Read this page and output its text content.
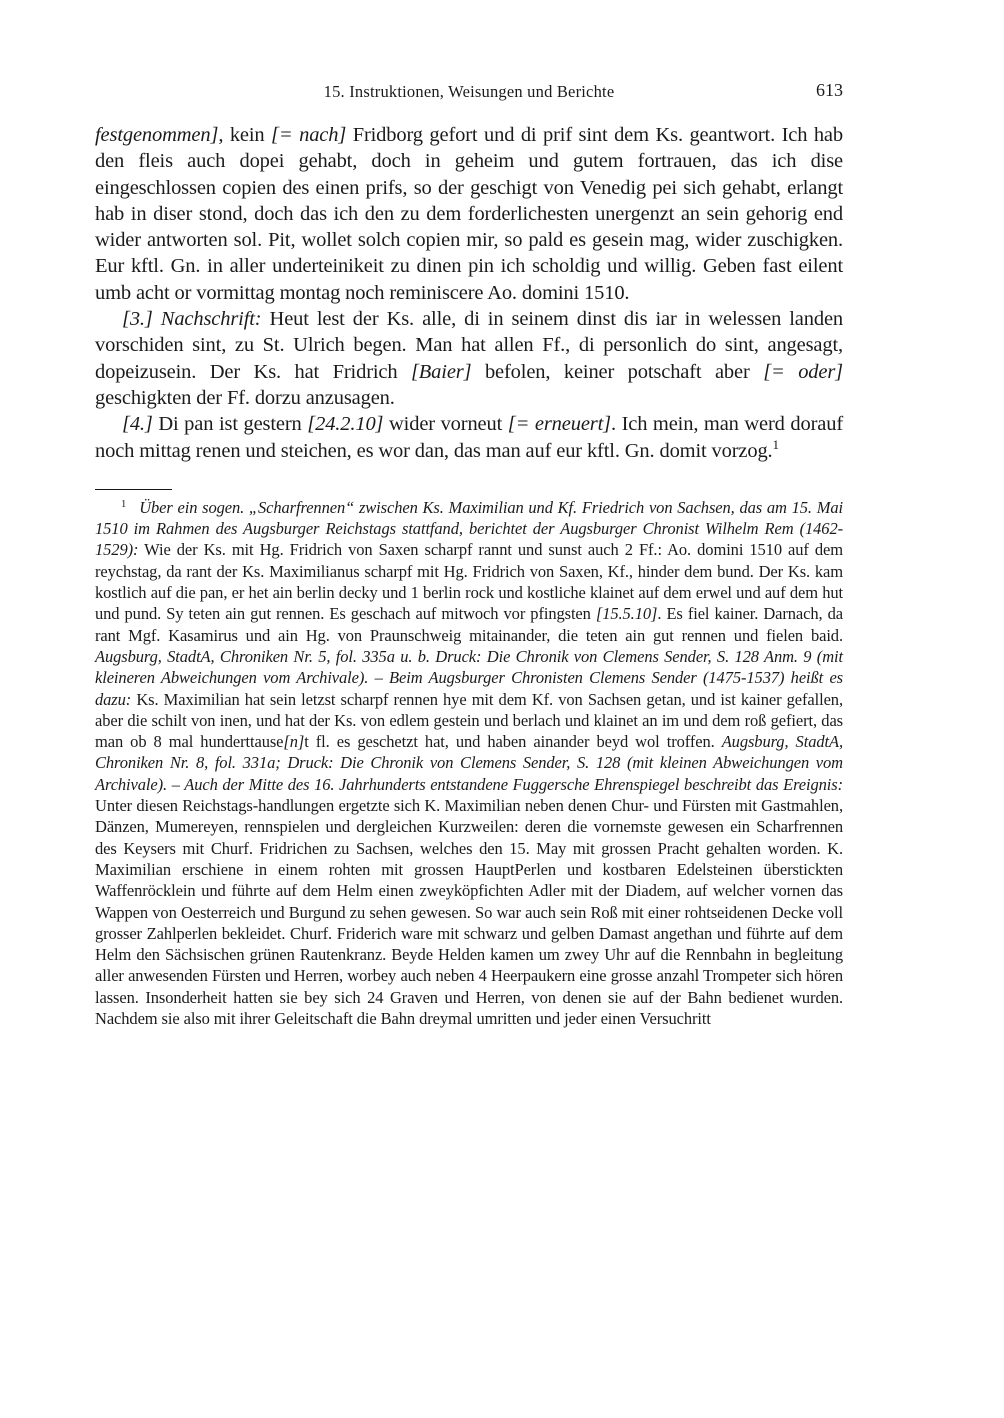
15. Instruktionen, Weisungen und Berichte	613

festgenommen], kein [= nach] Fridborg gefort und di prif sint dem Ks. geantwort. Ich hab den fleis auch dopei gehabt, doch in geheim und gutem fortrauen, das ich dise eingeschlossen copien des einen prifs, so der geschigt von Venedig pei sich gehabt, erlangt hab in diser stond, doch das ich den zu dem forderlichesten unergenzt an sein gehorig end wider antworten sol. Pit, wollet solch copien mir, so pald es gesein mag, wider zuschigken. Eur kftl. Gn. in aller underteinikeit zu dinen pin ich scholdig und willig. Geben fast eilent umb acht or vormittag montag noch reminiscere Ao. domini 1510.

[3.] Nachschrift: Heut lest der Ks. alle, di in seinem dinst dis iar in welessen landen vorschiden sint, zu St. Ulrich begen. Man hat allen Ff., di personlich do sint, angesagt, dopeizusein. Der Ks. hat Fridrich [Baier] befolen, keiner potschaft aber [= oder] geschigkten der Ff. dorzu anzusagen.

[4.] Di pan ist gestern [24.2.10] wider vorneut [= erneuert]. Ich mein, man werd dorauf noch mittag renen und steichen, es wor dan, das man auf eur kftl. Gn. domit vorzog.$^1$

$^1$ Über ein sogen. „Scharfrennen“ zwischen Ks. Maximilian und Kf. Friedrich von Sachsen, das am 15. Mai 1510 im Rahmen des Augsburger Reichstags stattfand, berichtet der Augsburger Chronist Wilhelm Rem (1462-1529): Wie der Ks. mit Hg. Fridrich von Saxen scharpf rannt und sunst auch 2 Ff.: Ao. domini 1510 auf dem reychstag, da rant der Ks. Maximilianus scharpf mit Hg. Fridrich von Saxen, Kf., hinder dem bund. Der Ks. kam kostlich auf die pan, er het ain berlin decky und 1 berlin rock und kostliche klainet auf dem erwel und auf dem hut und pund. Sy teten ain gut rennen. Es geschach auf mitwoch vor pfingsten [15.5.10]. Es fiel kainer. Darnach, da rant Mgf. Kasamirus und ain Hg. von Praunschweig mitainander, die teten ain gut rennen und fielen baid. Augsburg, StadtA, Chroniken Nr. 5, fol. 335a u. b. Druck: Die Chronik von Clemens Sender, S. 128 Anm. 9 (mit kleineren Abweichungen vom Archivale). – Beim Augsburger Chronisten Clemens Sender (1475-1537) heißt es dazu: Ks. Maximilian hat sein letzst scharpf rennen hye mit dem Kf. von Sachsen getan, und ist kainer gefallen, aber die schilt von inen, und hat der Ks. von edlem gestein und berlach und klainet an im und dem roß gefiert, das man ob 8 mal hunderttause[n]t fl. es geschetzt hat, und haben ainander beyd wol troffen. Augsburg, StadtA, Chroniken Nr. 8, fol. 331a; Druck: Die Chronik von Clemens Sender, S. 128 (mit kleinen Abweichungen vom Archivale). – Auch der Mitte des 16. Jahrhunderts entstandene Fuggersche Ehrenspiegel beschreibt das Ereignis: Unter diesen Reichstags-handlungen ergetzte sich K. Maximilian neben denen Chur- und Fürsten mit Gastmahlen, Dänzen, Mumereyen, rennspielen und dergleichen Kurzweilen: deren die vornemste gewesen ein Scharfrennen des Keysers mit Churf. Fridrichen zu Sachsen, welches den 15. May mit grossen Pracht gehalten worden. K. Maximilian erschiene in einem rohten mit grossen HauptPerlen und kostbaren Edelsteinen überstickten Waffenröcklein und führte auf dem Helm einen zweyköpfichten Adler mit der Diadem, auf welcher vornen das Wappen von Oesterreich und Burgund zu sehen gewesen. So war auch sein Roß mit einer rohtseidenen Decke voll grosser Zahlperlen bekleidet. Churf. Friderich ware mit schwarz und gelben Damast angethan und führte auf dem Helm den Sächsischen grünen Rautenkranz. Beyde Helden kamen um zwey Uhr auf die Rennbahn in begleitung aller anwesenden Fürsten und Herren, worbey auch neben 4 Heerpaukern eine grosse anzahl Trompeter sich hören lassen. Insonderheit hatten sie bey sich 24 Graven und Herren, von denen sie auf der Bahn bedienet wurden. Nachdem sie also mit ihrer Geleitschaft die Bahn dreymal umritten und jeder einen Versuchritt
